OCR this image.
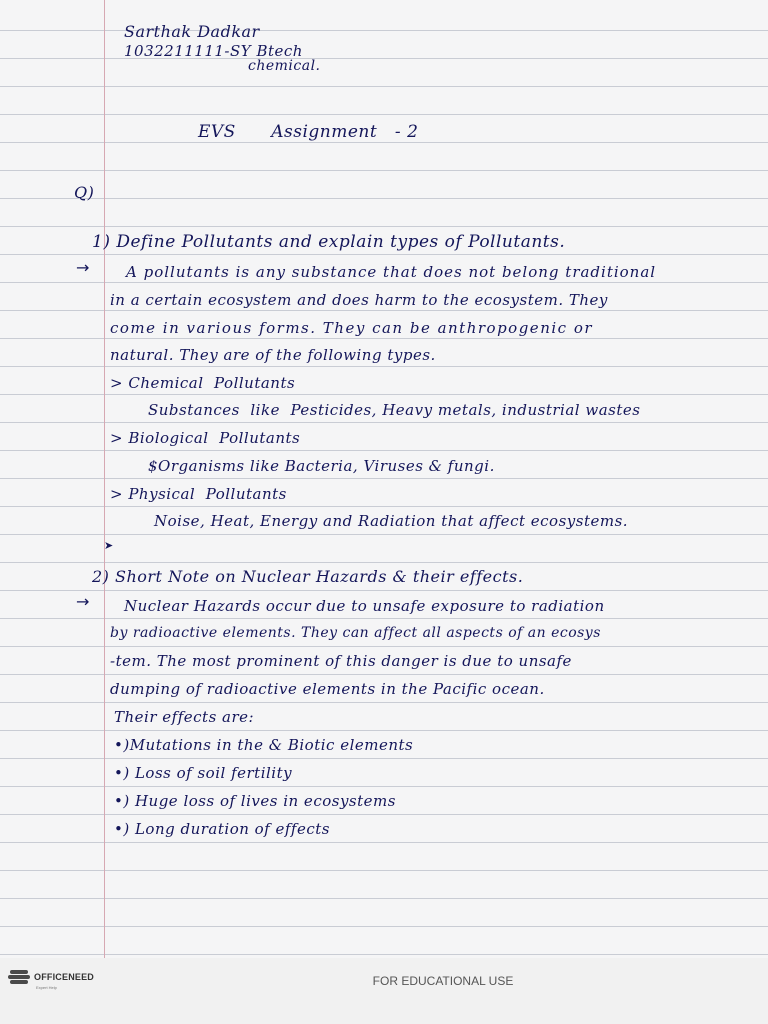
Sarthak Dadkar
1032211111-SY Btech
chemical.
EVS      Assignment   - 2
Q)
1) Define Pollutants and explain types of Pollutants.
→ A pollutants is any substance that does not belong traditional
in a certain ecosystem and does harm to the ecosystem. They
come in various forms. They can be anthropogenic or
natural. They are of the following types.
> Chemical  Pollutants
Substances  like  Pesticides, Heavy metals, industrial wastes
> Biological  Pollutants
$Organisms like Bacteria, Viruses & fungi.
> Physical  Pollutants
Noise, Heat, Energy and Radiation that affect ecosystems.
➤
2) Short Note on Nuclear Hazards & their effects.
→ Nuclear Hazards occur due to unsafe exposure to radiation
by radioactive elements. They can affect all aspects of an ecosys
-tem. The most prominent of this danger is due to unsafe
dumping of radioactive elements in the Pacific ocean.
Their effects are:
•)Mutations in the & Biotic elements
•) Loss of soil fertility
•) Huge loss of lives in ecosystems
•) Long duration of effects
OFFICENEED
Expert Help	FOR EDUCATIONAL USE
